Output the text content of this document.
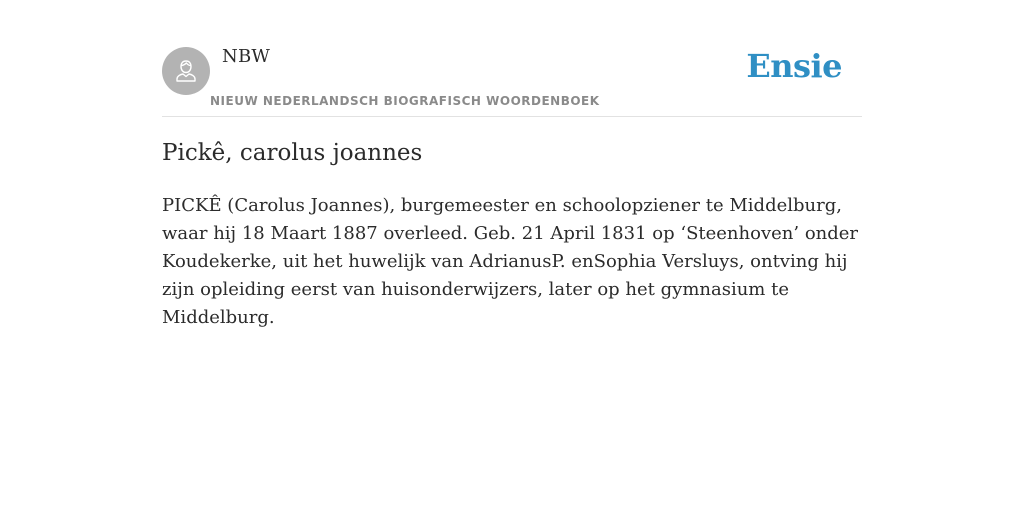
NBW
NIEUW NEDERLANDSCH BIOGRAFISCH WOORDENBOEK
Ensie
Pickê, carolus joannes

PICKÊ (Carolus Joannes), burgemeester en schoolopziener te Middelburg, waar hij 18 Maart 1887 overleed. Geb. 21 April 1831 op ‘Steenhoven’ onder Koudekerke, uit het huwelijk van AdrianusP. enSophia Versluys, ontving hij zijn opleiding eerst van huisonderwijzers, later op het gymnasium te Middelburg.
